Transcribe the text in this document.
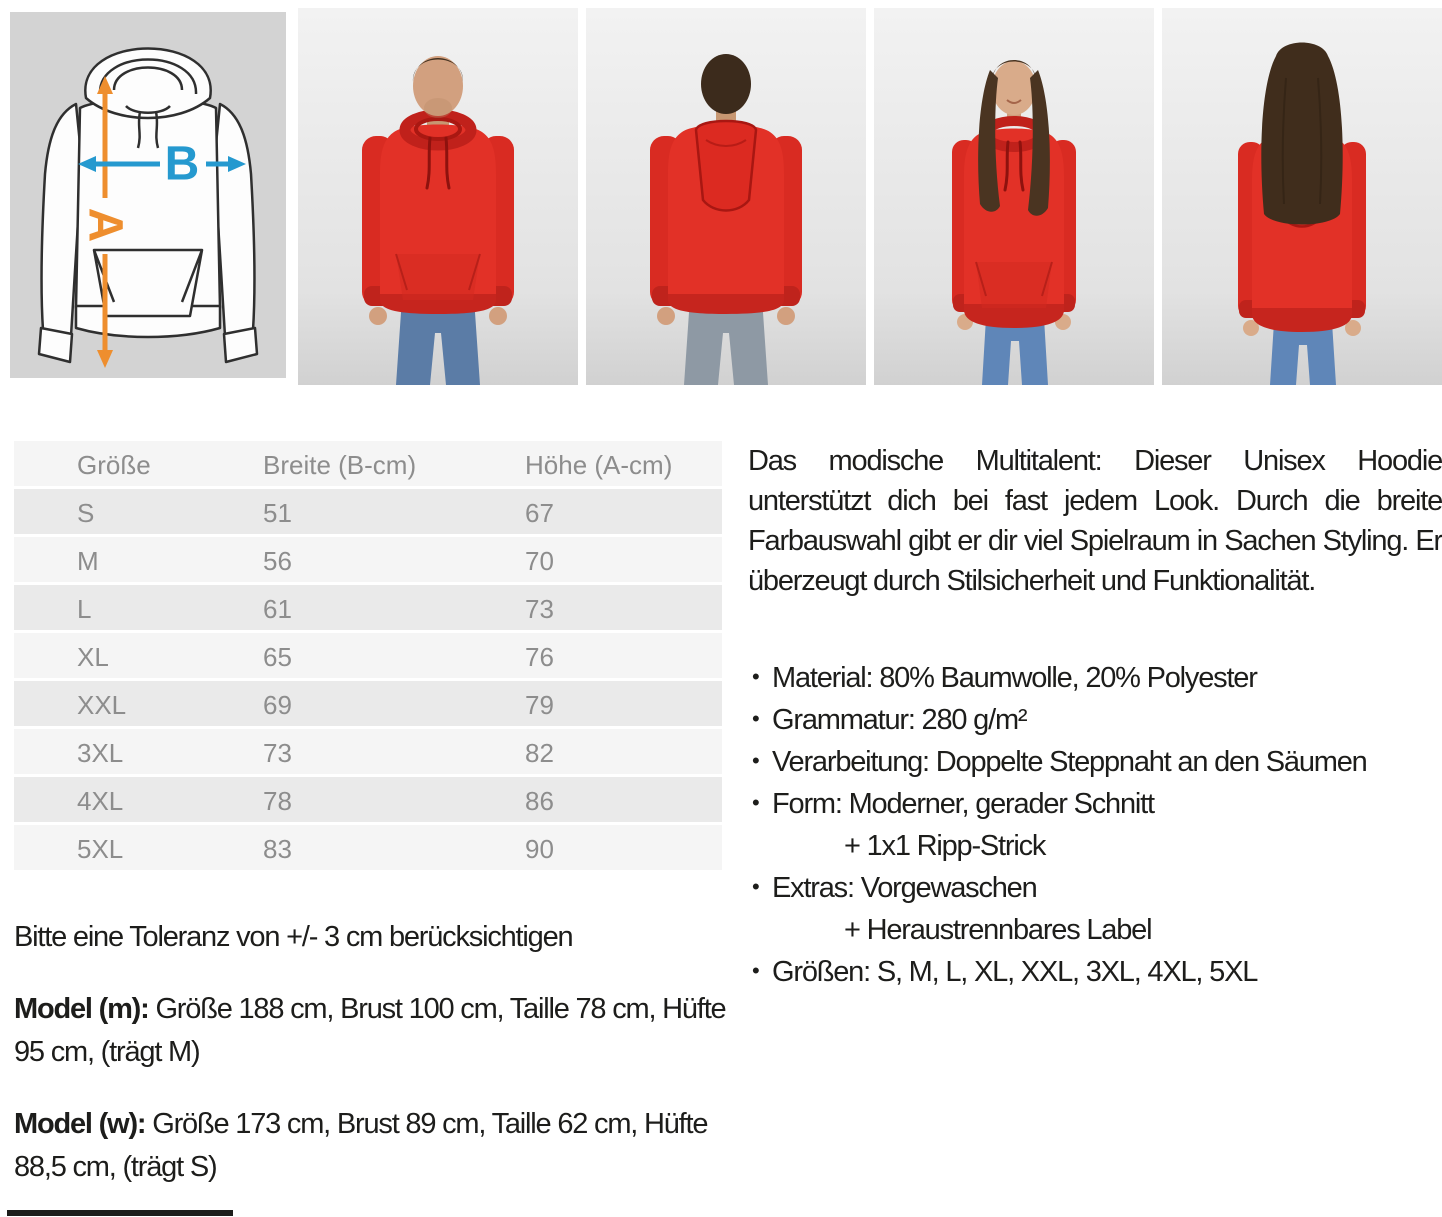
A
B
Größe	Breite (B-cm)	Höhe (A-cm)
S	51	67
M	56	70
L	61	73
XL	65	76
XXL	69	79
3XL	73	82
4XL	78	86
5XL	83	90

Bitte eine Toleranz von +/- 3 cm berücksichtigen

Model (m): Größe 188 cm, Brust 100 cm, Taille 78 cm, Hüfte 95 cm, (trägt M)

Model (w): Größe 173 cm, Brust 89 cm, Taille 62 cm, Hüfte 88,5 cm, (trägt S)

Das modische Multitalent: Dieser Unisex Hoodie unterstützt dich bei fast jedem Look. Durch die breite Farbauswahl gibt er dir viel Spielraum in Sachen Styling. Er überzeugt durch Stilsicherheit und Funktionalität.

• Material: 80% Baumwolle, 20% Polyester
• Grammatur: 280 g/m²
• Verarbeitung: Doppelte Steppnaht an den Säumen
• Form: Moderner, gerader Schnitt
+ 1x1 Ripp-Strick
• Extras: Vorgewaschen
+ Heraustrennbares Label
• Größen: S, M, L, XL, XXL, 3XL, 4XL, 5XL
